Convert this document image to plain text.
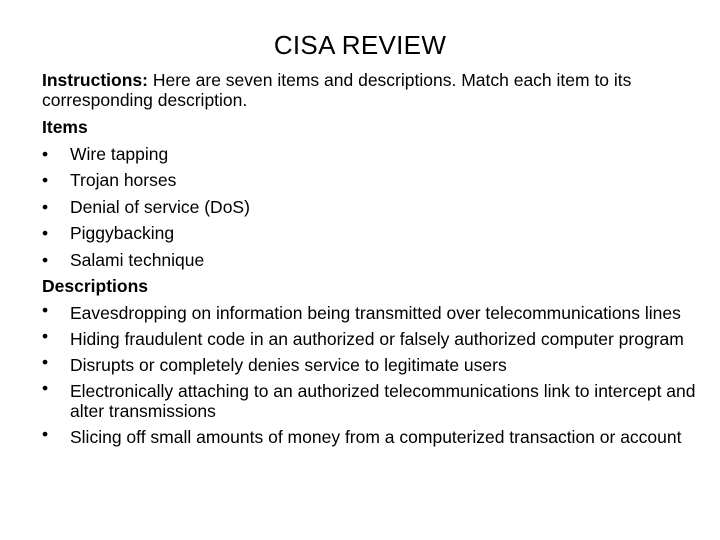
CISA REVIEW

Instructions: Here are seven items and descriptions. Match each item to its corresponding description.

Items

•	Wire tapping
•	Trojan horses
•	Denial of service (DoS)
•	Piggybacking
•	Salami technique

Descriptions

•	Eavesdropping on information being transmitted over telecommunications lines
•	Hiding fraudulent code in an authorized or falsely authorized computer program
•	Disrupts or completely denies service to legitimate users
•	Electronically attaching to an authorized telecommunications link to intercept and alter transmissions
•	Slicing off small amounts of money from a computerized transaction or account
